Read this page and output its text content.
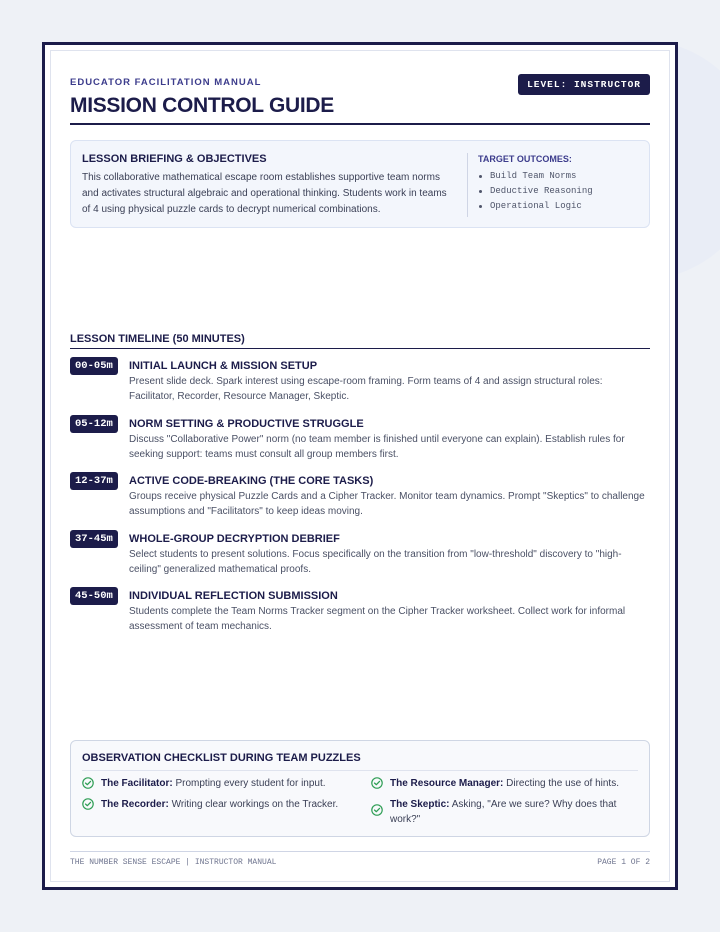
EDUCATOR FACILITATION MANUAL
MISSION CONTROL GUIDE
LEVEL: INSTRUCTOR
LESSON BRIEFING & OBJECTIVES
This collaborative mathematical escape room establishes supportive team norms and activates structural algebraic and operational thinking. Students work in teams of 4 using physical puzzle cards to decrypt numerical combinations.
TARGET OUTCOMES:
Build Team Norms
Deductive Reasoning
Operational Logic
LESSON TIMELINE (50 MINUTES)
00-05m	INITIAL LAUNCH & MISSION SETUP
Present slide deck. Spark interest using escape-room framing. Form teams of 4 and assign structural roles: Facilitator, Recorder, Resource Manager, Skeptic.
05-12m	NORM SETTING & PRODUCTIVE STRUGGLE
Discuss "Collaborative Power" norm (no team member is finished until everyone can explain). Establish rules for seeking support: teams must consult all group members first.
12-37m	ACTIVE CODE-BREAKING (THE CORE TASKS)
Groups receive physical Puzzle Cards and a Cipher Tracker. Monitor team dynamics. Prompt "Skeptics" to challenge assumptions and "Facilitators" to keep ideas moving.
37-45m	WHOLE-GROUP DECRYPTION DEBRIEF
Select students to present solutions. Focus specifically on the transition from "low-threshold" discovery to "high-ceiling" generalized mathematical proofs.
45-50m	INDIVIDUAL REFLECTION SUBMISSION
Students complete the Team Norms Tracker segment on the Cipher Tracker worksheet. Collect work for informal assessment of team mechanics.
OBSERVATION CHECKLIST DURING TEAM PUZZLES
The Facilitator: Prompting every student for input.	The Resource Manager: Directing the use of hints.
The Recorder: Writing clear workings on the Tracker.	The Skeptic: Asking, "Are we sure? Why does that work?"
THE NUMBER SENSE ESCAPE | INSTRUCTOR MANUAL	PAGE 1 OF 2
